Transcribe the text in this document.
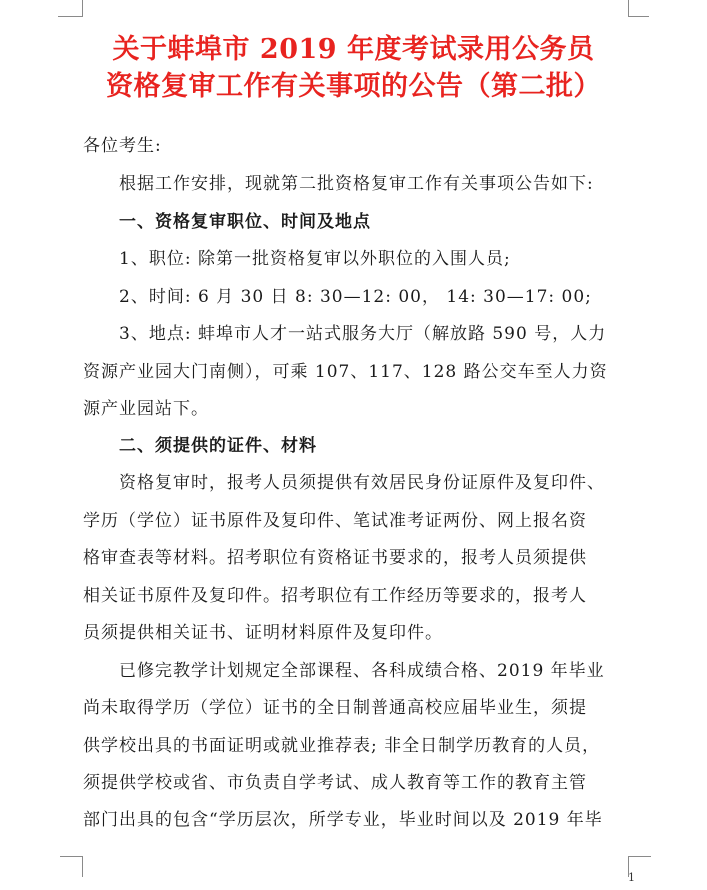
关于蚌埠市 2019 年度考试录用公务员
资格复审工作有关事项的公告（第二批）
各位考生:
　　根据工作安排，现就第二批资格复审工作有关事项公告如下:
　　一、资格复审职位、时间及地点
　　1、职位: 除第一批资格复审以外职位的入围人员;
　　2、时间: 6 月 30 日 8: 30—12: 00， 14: 30—17: 00;
　　3、地点: 蚌埠市人才一站式服务大厅（解放路 590 号，人力
资源产业园大门南侧），可乘 107、117、128 路公交车至人力资
源产业园站下。
　　二、须提供的证件、材料
　　资格复审时，报考人员须提供有效居民身份证原件及复印件、
学历（学位）证书原件及复印件、笔试准考证两份、网上报名资
格审查表等材料。招考职位有资格证书要求的，报考人员须提供
相关证书原件及复印件。招考职位有工作经历等要求的，报考人
员须提供相关证书、证明材料原件及复印件。
　　已修完教学计划规定全部课程、各科成绩合格、2019 年毕业
尚未取得学历（学位）证书的全日制普通高校应届毕业生，须提
供学校出具的书面证明或就业推荐表; 非全日制学历教育的人员，
须提供学校或省、市负责自学考试、成人教育等工作的教育主管
部门出具的包含“学历层次，所学专业，毕业时间以及 2019 年毕
1
